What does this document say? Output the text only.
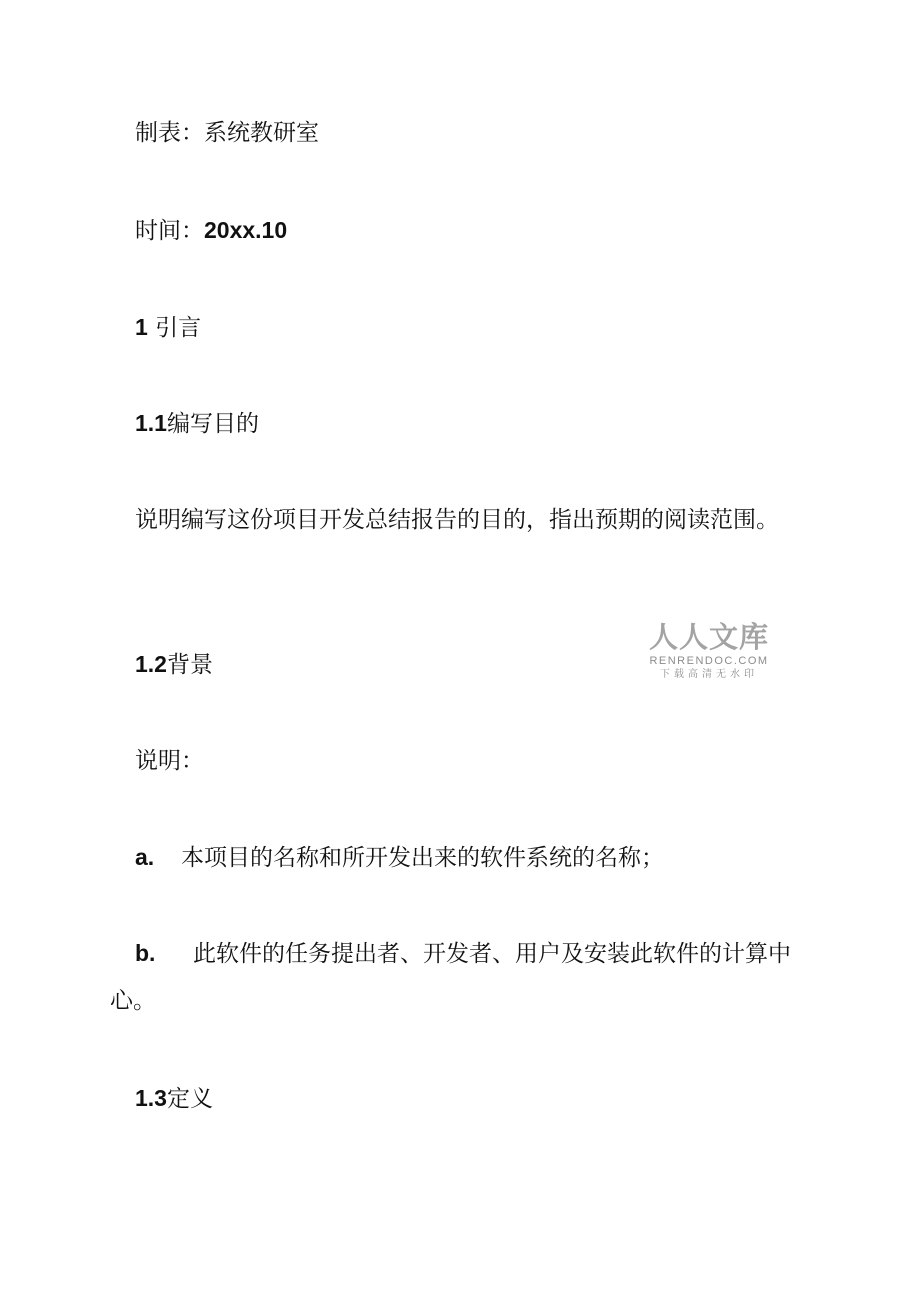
制表：系统教研室
时间：20xx.10
1 引言
1.1编写目的
说明编写这份项目开发总结报告的目的，指出预期的阅读范围。
1.2背景
说明：
a. 本项目的名称和所开发出来的软件系统的名称；
b. 此软件的任务提出者、开发者、用户及安装此软件的计算中心。
1.3定义
人人文库
RENRENDOC.COM
下载高清无水印
